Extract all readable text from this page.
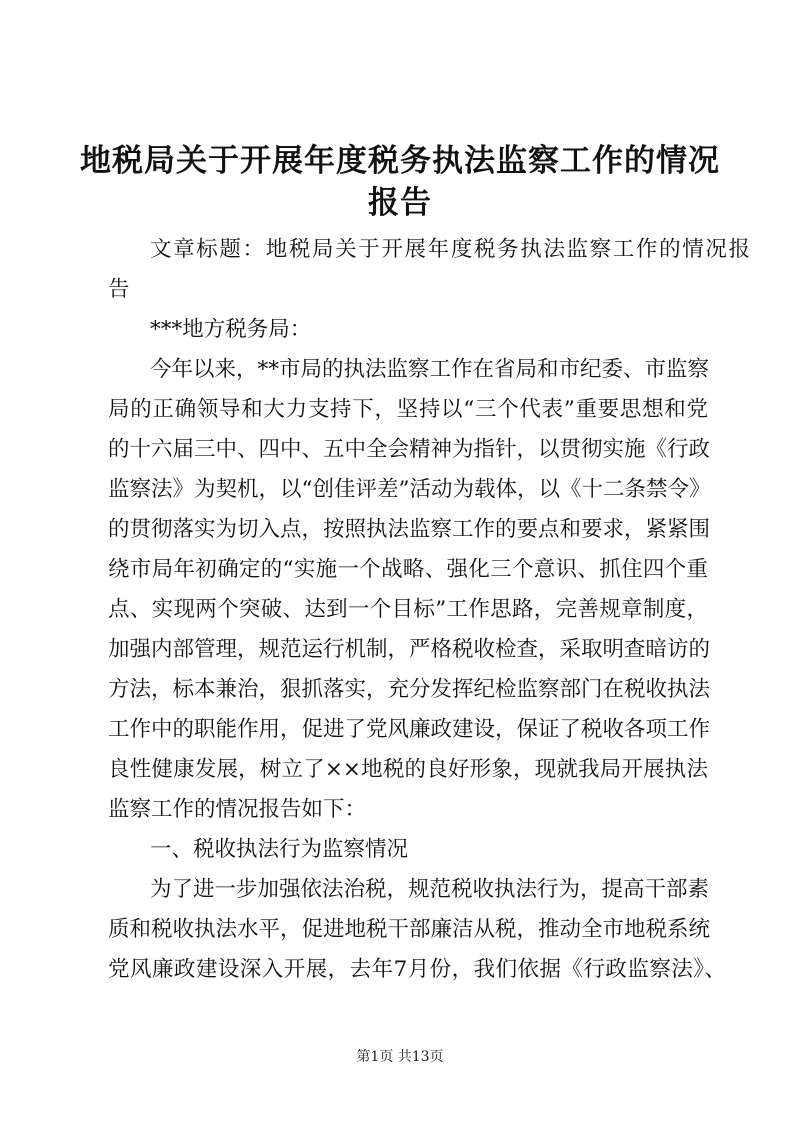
地税局关于开展年度税务执法监察工作的情况
报告

文章标题：地税局关于开展年度税务执法监察工作的情况报

告

***地方税务局：

今年以来，**市局的执法监察工作在省局和市纪委、市监察

局的正确领导和大力支持下，坚持以“三个代表”重要思想和党

的十六届三中、四中、五中全会精神为指针，以贯彻实施《行政

监察法》为契机，以“创佳评差”活动为载体，以《十二条禁令》

的贯彻落实为切入点，按照执法监察工作的要点和要求，紧紧围

绕市局年初确定的“实施一个战略、强化三个意识、抓住四个重

点、实现两个突破、达到一个目标”工作思路，完善规章制度，

加强内部管理，规范运行机制，严格税收检查，采取明查暗访的

方法，标本兼治，狠抓落实，充分发挥纪检监察部门在税收执法

工作中的职能作用，促进了党风廉政建设，保证了税收各项工作

良性健康发展，树立了××地税的良好形象，现就我局开展执法

监察工作的情况报告如下：

一、税收执法行为监察情况

为了进一步加强依法治税，规范税收执法行为，提高干部素

质和税收执法水平，促进地税干部廉洁从税，推动全市地税系统

党风廉政建设深入开展，去年7月份，我们依据《行政监察法》、

第1页 共13页
